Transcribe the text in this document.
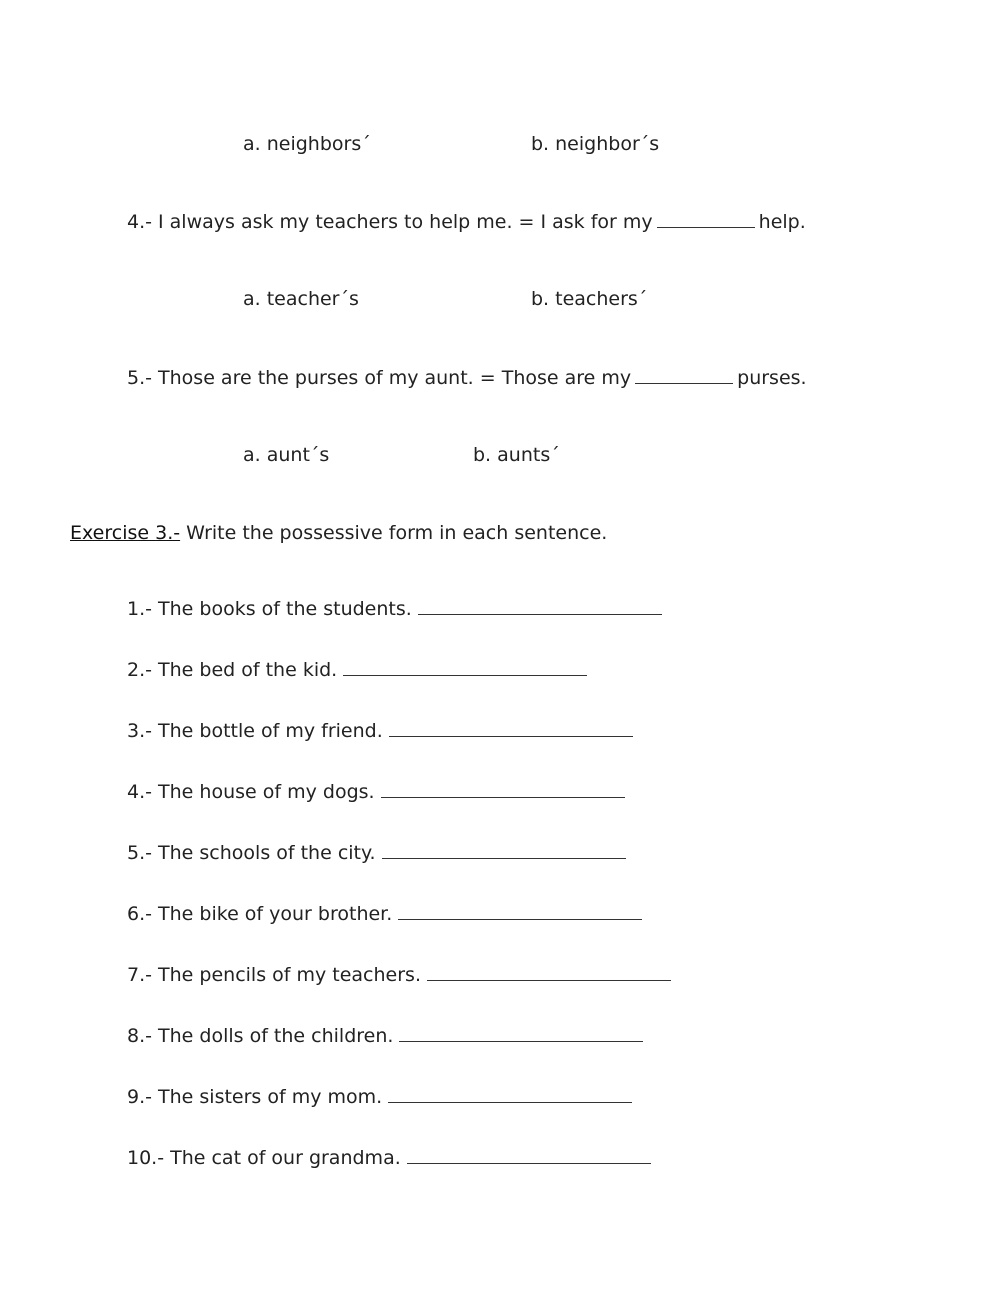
a. neighbors´	b. neighbor´s
4.- I always ask my teachers to help me. = I ask for my	help.
a. teacher´s	b. teachers´
5.- Those are the purses of my aunt. = Those are my	purses.
a. aunt´s	b. aunts´
Exercise 3.- Write the possessive form in each sentence.
1.- The books of the students.
2.- The bed of the kid.
3.- The bottle of my friend.
4.- The house of my dogs.
5.- The schools of the city.
6.- The bike of your brother.
7.- The pencils of my teachers.
8.- The dolls of the children.
9.- The sisters of my mom.
10.- The cat of our grandma.
